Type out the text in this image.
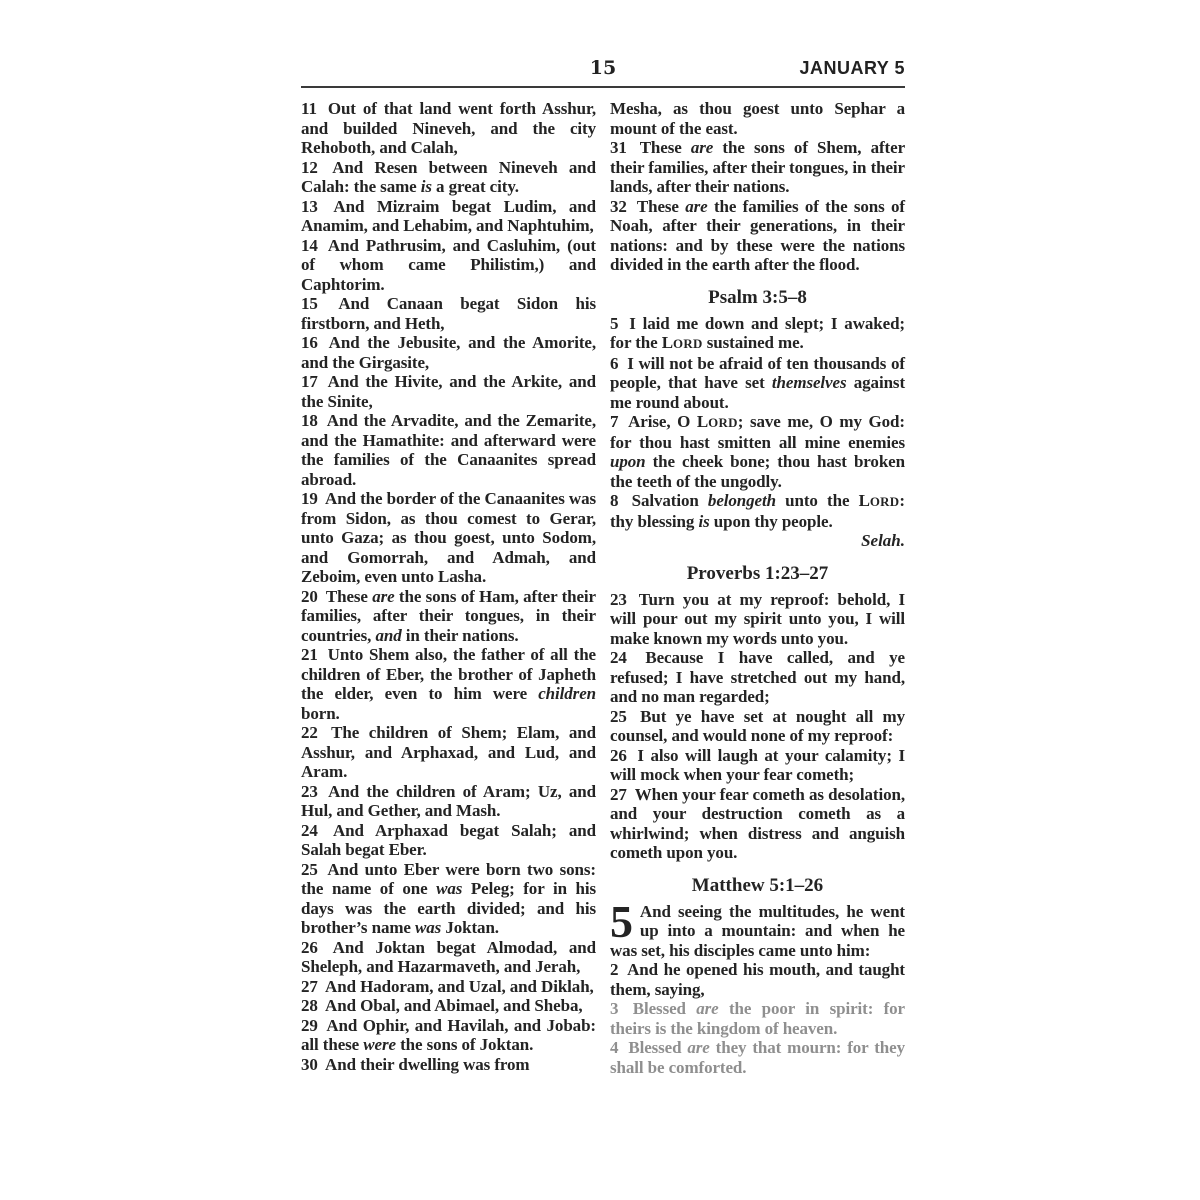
15	JANUARY 5

11 Out of that land went forth Asshur, and builded Nineveh, and the city Rehoboth, and Calah,

12 And Resen between Nineveh and Calah: the same is a great city.

13 And Mizraim begat Ludim, and Anamim, and Lehabim, and Naphtuhim,

14 And Pathrusim, and Casluhim, (out of whom came Philistim,) and Caphtorim.

15 And Canaan begat Sidon his firstborn, and Heth,

16 And the Jebusite, and the Amorite, and the Girgasite,

17 And the Hivite, and the Arkite, and the Sinite,

18 And the Arvadite, and the Zemarite, and the Hamathite: and afterward were the families of the Canaanites spread abroad.

19 And the border of the Canaanites was from Sidon, as thou comest to Gerar, unto Gaza; as thou goest, unto Sodom, and Gomorrah, and Admah, and Zeboim, even unto Lasha.

20 These are the sons of Ham, after their families, after their tongues, in their countries, and in their nations.

21 Unto Shem also, the father of all the children of Eber, the brother of Japheth the elder, even to him were children born.

22 The children of Shem; Elam, and Asshur, and Arphaxad, and Lud, and Aram.

23 And the children of Aram; Uz, and Hul, and Gether, and Mash.

24 And Arphaxad begat Salah; and Salah begat Eber.

25 And unto Eber were born two sons: the name of one was Peleg; for in his days was the earth divided; and his brother’s name was Joktan.

26 And Joktan begat Almodad, and Sheleph, and Hazarmaveth, and Jerah,

27 And Hadoram, and Uzal, and Diklah,

28 And Obal, and Abimael, and Sheba,

29 And Ophir, and Havilah, and Jobab: all these were the sons of Joktan.

30 And their dwelling was from

Mesha, as thou goest unto Sephar a mount of the east.

31 These are the sons of Shem, after their families, after their tongues, in their lands, after their nations.

32 These are the families of the sons of Noah, after their generations, in their nations: and by these were the nations divided in the earth after the flood.

Psalm 3:5–8

5 I laid me down and slept; I awaked; for the LORD sustained me.

6 I will not be afraid of ten thousands of people, that have set themselves against me round about.

7 Arise, O LORD; save me, O my God: for thou hast smitten all mine enemies upon the cheek bone; thou hast broken the teeth of the ungodly.

8 Salvation belongeth unto the LORD: thy blessing is upon thy people.

Selah.
Proverbs 1:23–27

23 Turn you at my reproof: behold, I will pour out my spirit unto you, I will make known my words unto you.

24 Because I have called, and ye refused; I have stretched out my hand, and no man regarded;

25 But ye have set at nought all my counsel, and would none of my reproof:

26 I also will laugh at your calamity; I will mock when your fear cometh;

27 When your fear cometh as desolation, and your destruction cometh as a whirlwind; when distress and anguish cometh upon you.

Matthew 5:1–26

5 And seeing the multitudes, he went up into a mountain: and when he was set, his disciples came unto him:

2 And he opened his mouth, and taught them, saying,

3 Blessed are the poor in spirit: for theirs is the kingdom of heaven.

4 Blessed are they that mourn: for they shall be comforted.
